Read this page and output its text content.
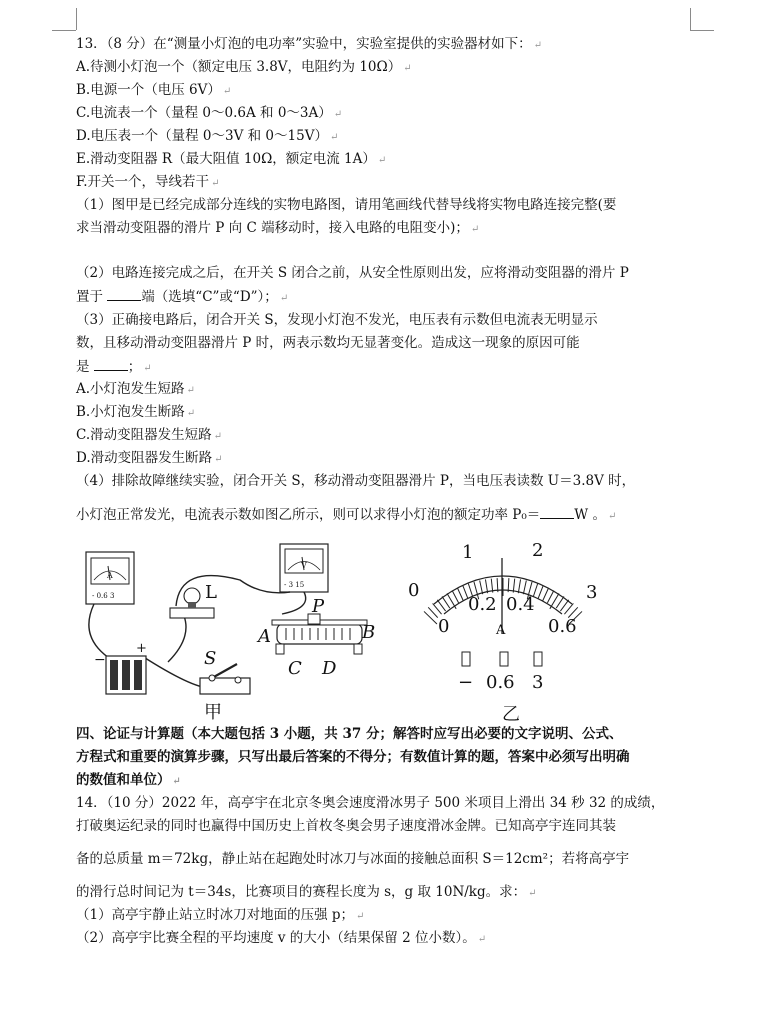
13．（8 分）在“测量小灯泡的电功率”实验中，实验室提供的实验器材如下： ↵
A.待测小灯泡一个（额定电压 3.8V，电阻约为 10Ω） ↵
B.电源一个（电压 6V） ↵
C.电流表一个（量程 0～0.6A 和 0～3A） ↵
D.电压表一个（量程 0～3V 和 0～15V） ↵
E.滑动变阻器 R（最大阻值 10Ω，额定电流 1A） ↵
F.开关一个，导线若干 ↵
（1）图甲是已经完成部分连线的实物电路图，请用笔画线代替导线将实物电路连接完整(要
求当滑动变阻器的滑片 P 向 C 端移动时，接入电路的电阻变小)； ↵
（2）电路连接完成之后，在开关 S 闭合之前，从安全性原则出发，应将滑动变阻器的滑片 P
置于	端（选填“C”或“D”）； ↵
（3）正确接电路后，闭合开关 S，发现小灯泡不发光，电压表有示数但电流表无明显示
数，且移动滑动变阻器滑片 P 时，两表示数均无显著变化。造成这一现象的原因可能
是	； ↵
A.小灯泡发生短路 ↵
B.小灯泡发生断路 ↵
C.滑动变阻器发生短路 ↵
D.滑动变阻器发生断路 ↵
（4）排除故障继续实验，闭合开关 S，移动滑动变阻器滑片 P，当电压表读数 U＝3.8V 时，
小灯泡正常发光，电流表示数如图乙所示，则可以求得小灯泡的额定功率 P₀＝	W 。 ↵
四、论证与计算题（本大题包括 3 小题，共 37 分；解答时应写出必要的文字说明、公式、
方程式和重要的演算步骤，只写出最后答案的不得分；有数值计算的题，答案中必须写出明确
的数值和单位） ↵
14．（10 分）2022 年，高亭宇在北京冬奥会速度滑冰男子 500 米项目上滑出 34 秒 32 的成绩，
打破奥运纪录的同时也赢得中国历史上首枚冬奥会男子速度滑冰金牌。已知高亭宇连同其装
备的总质量 m＝72kg，静止站在起跑处时冰刀与冰面的接触总面积 S＝12cm²；若将高亭宇
的滑行总时间记为 t＝34s，比赛项目的赛程长度为 s，g 取 10N/kg。求： ↵
（1）高亭宇静止站立时冰刀对地面的压强 p； ↵
（2）高亭宇比赛全程的平均速度 v 的大小（结果保留 2 位小数）。 ↵
A
- 0.6 3
V
- 3 15
L
P
A	B
C D
−
+	S
甲
0
1	2
3
0
0.2 0.4
0.6
A
− 0.6 3
乙
